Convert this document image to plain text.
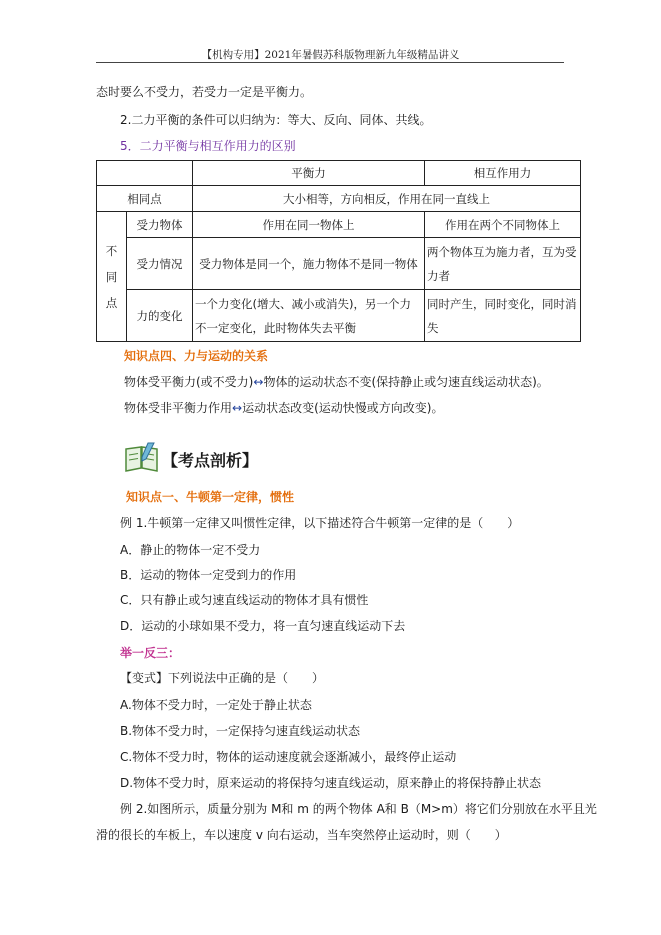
【机构专用】2021年暑假苏科版物理新九年级精品讲义
态时要么不受力，若受力一定是平衡力。
2.二力平衡的条件可以归纳为：等大、反向、同体、共线。
5．二力平衡与相互作用力的区别
		平衡力	相互作用力
相同点		大小相等，方向相反，作用在同一直线上	
不同点	受力物体	作用在同一物体上	作用在两个不同物体上
	受力情况	受力物体是同一个，施力物体不是同一物体	两个物体互为施力者，互为受力者
	力的变化	一个力变化(增大、减小或消失)，另一个力不一定变化，此时物体失去平衡	同时产生，同时变化，同时消失
知识点四、力与运动的关系
物体受平衡力(或不受力)↔物体的运动状态不变(保持静止或匀速直线运动状态)。
物体受非平衡力作用↔运动状态改变(运动快慢或方向改变)。
【考点剖析】
知识点一、牛顿第一定律，惯性
例 1.牛顿第一定律又叫惯性定律，以下描述符合牛顿第一定律的是（　　）
A．静止的物体一定不受力
B．运动的物体一定受到力的作用
C．只有静止或匀速直线运动的物体才具有惯性
D．运动的小球如果不受力，将一直匀速直线运动下去
举一反三：
【变式】下列说法中正确的是（　　）
A.物体不受力时，一定处于静止状态
B.物体不受力时，一定保持匀速直线运动状态
C.物体不受力时，物体的运动速度就会逐渐减小，最终停止运动
D.物体不受力时，原来运动的将保持匀速直线运动，原来静止的将保持静止状态
例 2.如图所示，质量分别为 M和 m 的两个物体 A和 B（M>m）将它们分别放在水平且光
滑的很长的车板上，车以速度 v 向右运动，当车突然停止运动时，则（　　）
